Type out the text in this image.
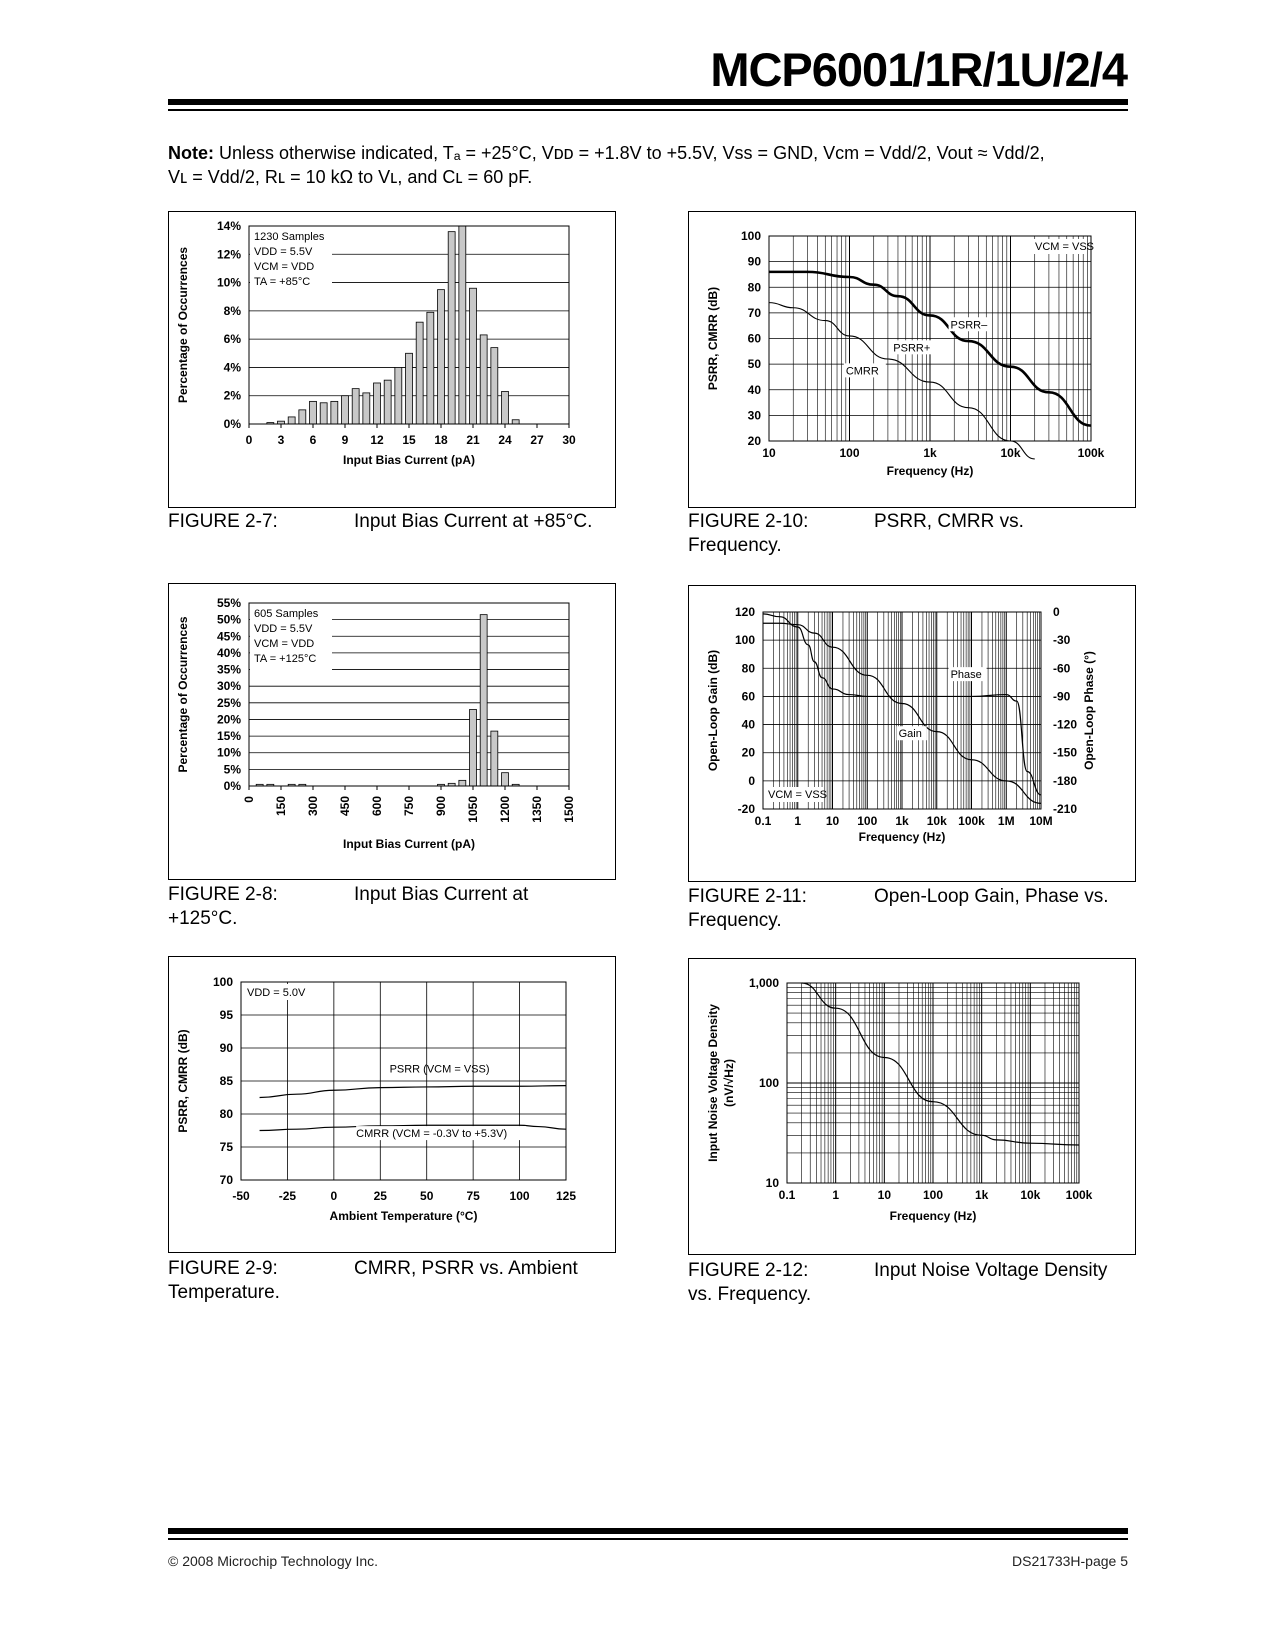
MCP6001/1R/1U/2/4
Note: Unless otherwise indicated, Tₐ = +25°C, Vᴅᴅ = +1.8V to +5.5V, Vss = GND, Vcm = Vdd/2, Vout ≈ Vdd/2,
Vʟ = Vdd/2, Rʟ = 10 kΩ to Vʟ, and Cʟ = 60 pF.
0%
2%
4%
6%
8%
10%
12%
14%
Percentage of Occurrences
0 3 6 9 12 15 18 21 24 27 30
Input Bias Current (pA)
1230 Samples
VDD = 5.5V
VCM = VDD
TA = +85°C
20
30
40
50
60
70
80
90
100
PSRR, CMRR (dB)
10	100	1k	10k	100k
VCM = VSS
PSRR–
PSRR+
CMRR
Frequency (Hz)
0%
5%
10%
15%
20%
25%
30%
35%
40%
45%
50%
55%
Percentage of Occurrences
0 150 300 450 600 750 900 1050 1200 1350 1500
Input Bias Current (pA)
605 Samples
VDD = 5.5V
VCM = VDD
TA = +125°C
-20
0
20
40
60
80
100
120
Open-Loop Gain (dB)
-210
-180
-150
-120
-90
-60
-30
0
Open-Loop Phase (°)
0.1 1 10 100 1k 10k 100k 1M 10M
Phase
Gain
VCM = VSS
Frequency (Hz)
70
75
80
85
90
95
100
PSRR, CMRR (dB)
-50 -25	0	25	50	75 100 125
VDD = 5.0V
PSRR (VCM = VSS)
CMRR (VCM = -0.3V to +5.3V)
Ambient Temperature (°C)
10
100
1,000
Input Noise Voltage Density (nV/√Hz)
0.1	1	10	100	1k	10k 100k
Frequency (Hz)
FIGURE 2-7:	Input Bias Current at +85°C.	FIGURE 2-10:	PSRR, CMRR vs.
Frequency.
FIGURE 2-8:	Input Bias Current at
+125°C.
FIGURE 2-11:	Open-Loop Gain, Phase vs.
Frequency.
FIGURE 2-9:	CMRR, PSRR vs. Ambient
Temperature.
FIGURE 2-12:	Input Noise Voltage Density
vs. Frequency.
© 2008 Microchip Technology Inc.	DS21733H-page 5
